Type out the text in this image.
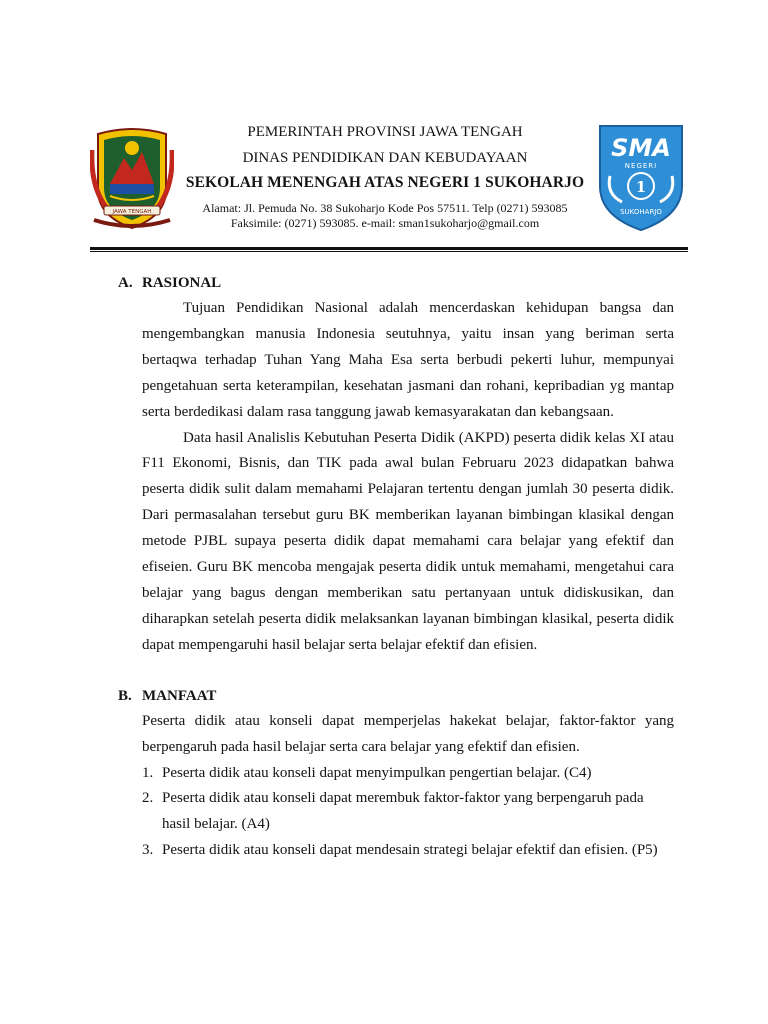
JAWA TENGAH
PEMERINTAH PROVINSI JAWA TENGAH
DINAS PENDIDIKAN DAN KEBUDAYAAN
SEKOLAH MENENGAH ATAS NEGERI 1 SUKOHARJO
Alamat: Jl. Pemuda No. 38 Sukoharjo Kode Pos 57511. Telp (0271) 593085
Faksimile: (0271) 593085. e-mail: sman1sukoharjo@gmail.com
SMA
NEGERI
1
SUKOHARJO
A. RASIONAL

Tujuan Pendidikan Nasional adalah mencerdaskan kehidupan bangsa dan mengembangkan manusia Indonesia seutuhnya, yaitu insan yang beriman serta bertaqwa terhadap Tuhan Yang Maha Esa serta berbudi pekerti luhur, mempunyai pengetahuan serta keterampilan, kesehatan jasmani dan rohani, kepribadian yg mantap serta berdedikasi dalam rasa tanggung jawab kemasyarakatan dan kebangsaan.

Data hasil Analislis Kebutuhan Peserta Didik (AKPD) peserta didik kelas XI atau F11 Ekonomi, Bisnis, dan TIK pada awal bulan Februaru 2023 didapatkan bahwa peserta didik sulit dalam memahami Pelajaran tertentu dengan jumlah 30 peserta didik. Dari permasalahan tersebut guru BK memberikan layanan bimbingan klasikal dengan metode PJBL supaya peserta didik dapat memahami cara belajar yang efektif dan efiseien. Guru BK mencoba mengajak peserta didik untuk memahami, mengetahui cara belajar yang bagus dengan memberikan satu pertanyaan untuk didiskusikan, dan diharapkan setelah peserta didik melaksankan layanan bimbingan klasikal, peserta didik dapat mempengaruhi hasil belajar serta belajar efektif dan efisien.

B. MANFAAT

Peserta didik atau konseli dapat memperjelas hakekat belajar, faktor-faktor yang berpengaruh pada hasil belajar serta cara belajar yang efektif dan efisien.

1. Peserta didik atau konseli dapat menyimpulkan pengertian belajar. (C4)
2. Peserta didik atau konseli dapat merembuk faktor-faktor yang berpengaruh pada hasil belajar. (A4)
3. Peserta didik atau konseli dapat mendesain strategi belajar efektif dan efisien. (P5)
